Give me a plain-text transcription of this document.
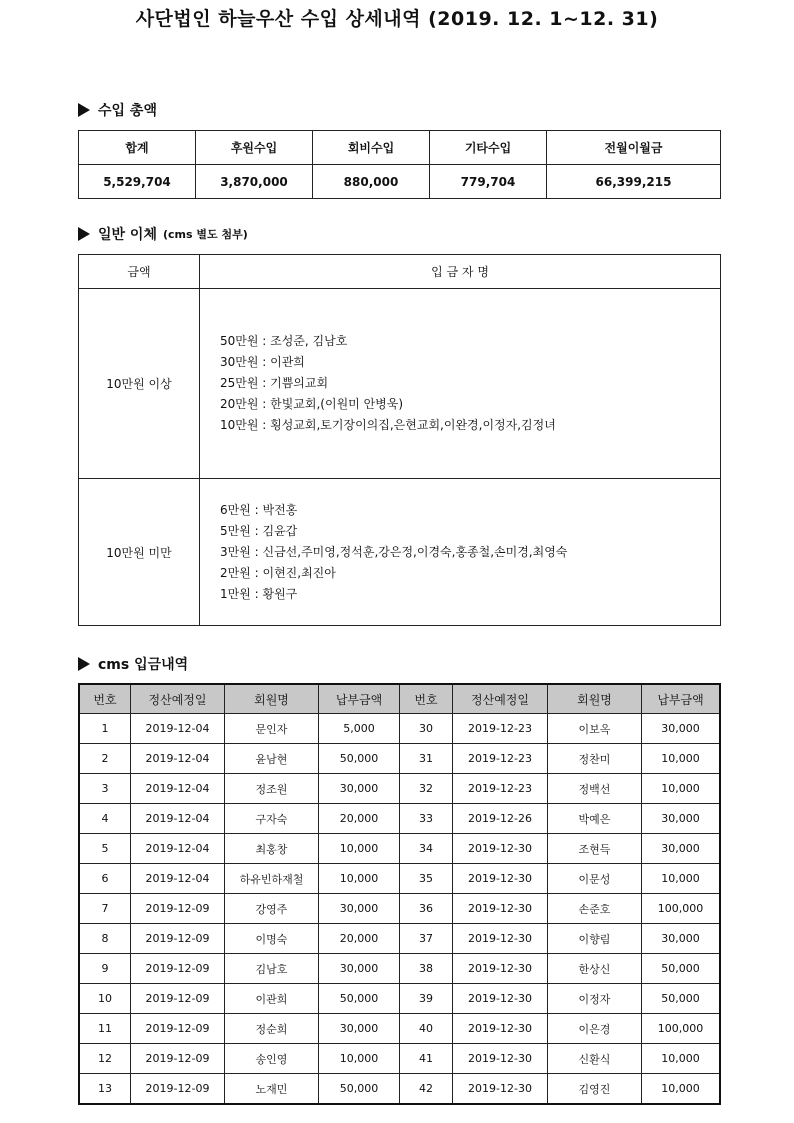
사단법인 하늘우산 수입 상세내역 (2019. 12. 1~12. 31)
수입 총액
합계	후원수입	회비수입	기타수입	전월이월금
5,529,704	3,870,000	880,000	779,704	66,399,215
일반 이체 (cms 별도 첨부)
금액	입 금 자 명
10만원 이상	50만원 : 조성준, 김남호
30만원 : 이관희
25만원 : 기쁨의교회
20만원 : 한빛교회,(이원미 안병욱)
10만원 : 횡성교회,토기장이의집,은현교회,이완경,이정자,김정녀

10만원 미만	6만원 : 박전홍
5만원 : 김윤갑
3만원 : 신금선,주미영,정석훈,강은정,이경숙,홍종철,손미경,최영숙
2만원 : 이현진,최진아
1만원 : 황원구
cms 입금내역
번호	정산예정일	회원명	납부금액	번호	정산예정일	회원명	납부금액
1	2019-12-04	문인자	5,000	30	2019-12-23	이보옥	30,000
2	2019-12-04	윤남현	50,000	31	2019-12-23	정찬미	10,000
3	2019-12-04	정조원	30,000	32	2019-12-23	정백선	10,000
4	2019-12-04	구자숙	20,000	33	2019-12-26	박예은	30,000
5	2019-12-04	최홍창	10,000	34	2019-12-30	조현득	30,000
6	2019-12-04	하유빈하재철	10,000	35	2019-12-30	이문성	10,000
7	2019-12-09	강영주	30,000	36	2019-12-30	손준호	100,000
8	2019-12-09	이명숙	20,000	37	2019-12-30	이향림	30,000
9	2019-12-09	김남호	30,000	38	2019-12-30	한상신	50,000
10	2019-12-09	이관희	50,000	39	2019-12-30	이정자	50,000
11	2019-12-09	정순희	30,000	40	2019-12-30	이은경	100,000
12	2019-12-09	송인영	10,000	41	2019-12-30	신환식	10,000
13	2019-12-09	노재민	50,000	42	2019-12-30	김영진	10,000
